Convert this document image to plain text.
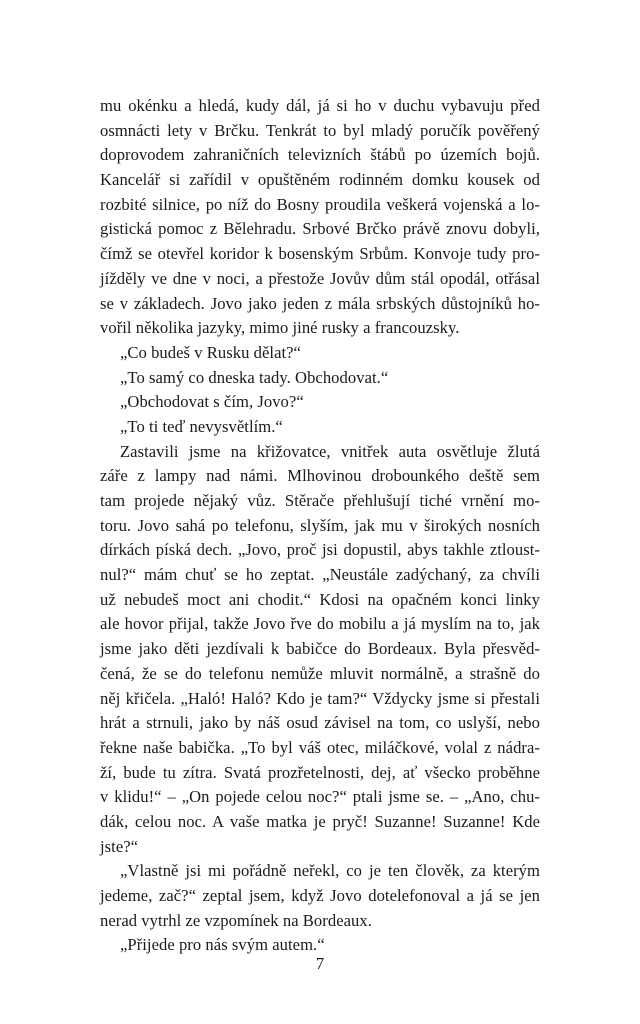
mu okénku a hledá, kudy dál, já si ho v duchu vybavuju před
osmnácti lety v Brčku. Tenkrát to byl mladý poručík pověřený
doprovodem zahraničních televizních štábů po územích bojů.
Kancelář si zařídil v opuštěném rodinném domku kousek od
rozbité silnice, po níž do Bosny proudila veškerá vojenská a lo-
gistická pomoc z Bělehradu. Srbové Brčko právě znovu dobyli,
čímž se otevřel koridor k bosenským Srbům. Konvoje tudy pro-
jížděly ve dne v noci, a přestože Jovův dům stál opodál, otřásal
se v základech. Jovo jako jeden z mála srbských důstojníků ho-
vořil několika jazyky, mimo jiné rusky a francouzsky.
„Co budeš v Rusku dělat?“
„To samý co dneska tady. Obchodovat.“
„Obchodovat s čím, Jovo?“
„To ti teď nevysvětlím.“
Zastavili jsme na křižovatce, vnitřek auta osvětluje žlutá
záře z lampy nad námi. Mlhovinou drobounkého deště sem
tam projede nějaký vůz. Stěrače přehlušují tiché vrnění mo-
toru. Jovo sahá po telefonu, slyším, jak mu v širokých nosních
dírkách píská dech. „Jovo, proč jsi dopustil, abys takhle ztloust-
nul?“ mám chuť se ho zeptat. „Neustále zadýchaný, za chvíli
už nebudeš moct ani chodit.“ Kdosi na opačném konci linky
ale hovor přijal, takže Jovo řve do mobilu a já myslím na to, jak
jsme jako děti jezdívali k babičce do Bordeaux. Byla přesvěd-
čená, že se do telefonu nemůže mluvit normálně, a strašně do
něj křičela. „Haló! Haló? Kdo je tam?“ Vždycky jsme si přestali
hrát a strnuli, jako by náš osud závisel na tom, co uslyší, nebo
řekne naše babička. „To byl váš otec, miláčkové, volal z nádra-
ží, bude tu zítra. Svatá prozřetelnosti, dej, ať všecko proběhne
v klidu!“ – „On pojede celou noc?“ ptali jsme se. – „Ano, chu-
dák, celou noc. A vaše matka je pryč! Suzanne! Suzanne! Kde
jste?“
„Vlastně jsi mi pořádně neřekl, co je ten člověk, za kterým
jedeme, zač?“ zeptal jsem, když Jovo dotelefonoval a já se jen
nerad vytrhl ze vzpomínek na Bordeaux.
„Přijede pro nás svým autem.“
7
